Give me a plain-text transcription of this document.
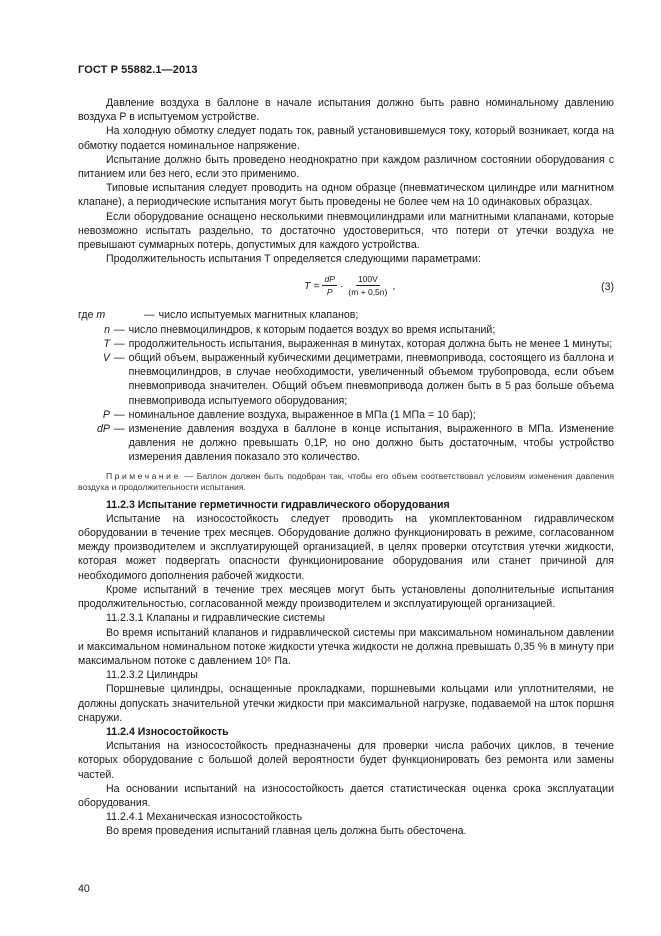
ГОСТ Р 55882.1—2013

Давление воздуха в баллоне в начале испытания должно быть равно номинальному давлению воздуха P в испытуемом устройстве.

На холодную обмотку следует подать ток, равный установившемуся току, который возникает, когда на обмотку подается номинальное напряжение.

Испытание должно быть проведено неоднократно при каждом различном состоянии оборудования с питанием или без него, если это применимо.

Типовые испытания следует проводить на одном образце (пневматическом цилиндре или магнитном клапане), а периодические испытания могут быть проведены не более чем на 10 одинаковых образцах.

Если оборудование оснащено несколькими пневмоцилиндрами или магнитными клапанами, которые невозможно испытать раздельно, то достаточно удостовериться, что потери от утечки воздуха не превышают суммарных потерь, допустимых для каждого устройства.

Продолжительность испытания T определяется следующими параметрами:

$T = \frac{dP}{P} \cdot \frac{100V}{(m + 0,5n)}$ ,	(3)
где m	— число испытуемых магнитных клапанов;
n — число пневмоцилиндров, к которым подается воздух во время испытаний;
T — продолжительность испытания, выраженная в минутах, которая должна быть не менее 1 минуты;
V — общий объем, выраженный кубическими дециметрами, пневмопривода, состоящего из баллона и пневмоцилиндров, в случае необходимости, увеличенный объемом трубопровода, если объем пневмопривода значителен. Общий объем пневмопривода должен быть в 5 раз больше объема пневмопривода испытуемого оборудования;
P — номинальное давление воздуха, выраженное в МПа (1 МПа = 10 бар);
dP — изменение давления воздуха в баллоне в конце испытания, выраженного в МПа. Изменение давления не должно превышать 0,1P, но оно должно быть достаточным, чтобы устройство измерения давления показало это количество.

Примечание — Баллон должен быть подобран так, чтобы его объем соответствовал условиям изменения давления воздуха и продолжительности испытания.

11.2.3 Испытание герметичности гидравлического оборудования

Испытание на износостойкость следует проводить на укомплектованном гидравлическом оборудовании в течение трех месяцев. Оборудование должно функционировать в режиме, согласованном между производителем и эксплуатирующей организацией, в целях проверки отсутствия утечки жидкости, которая может подвергать опасности функционирование оборудования или станет причиной для необходимого дополнения рабочей жидкости.

Кроме испытаний в течение трех месяцев могут быть установлены дополнительные испытания продолжительностью, согласованной между производителем и эксплуатирующей организацией.

11.2.3.1 Клапаны и гидравлические системы

Во время испытаний клапанов и гидравлической системы при максимальном номинальном давлении и максимальном номинальном потоке жидкости утечка жидкости не должна превышать 0,35 % в минуту при максимальном потоке с давлением 10⁶ Па.

11.2.3.2 Цилиндры

Поршневые цилиндры, оснащенные прокладками, поршневыми кольцами или уплотнителями, не должны допускать значительной утечки жидкости при максимальной нагрузке, подаваемой на шток поршня снаружи.

11.2.4 Износостойкость

Испытания на износостойкость предназначены для проверки числа рабочих циклов, в течение которых оборудование с большой долей вероятности будет функционировать без ремонта или замены частей.

На основании испытаний на износостойкость дается статистическая оценка срока эксплуатации оборудования.

11.2.4.1 Механическая износостойкость

Во время проведения испытаний главная цель должна быть обесточена.

40
